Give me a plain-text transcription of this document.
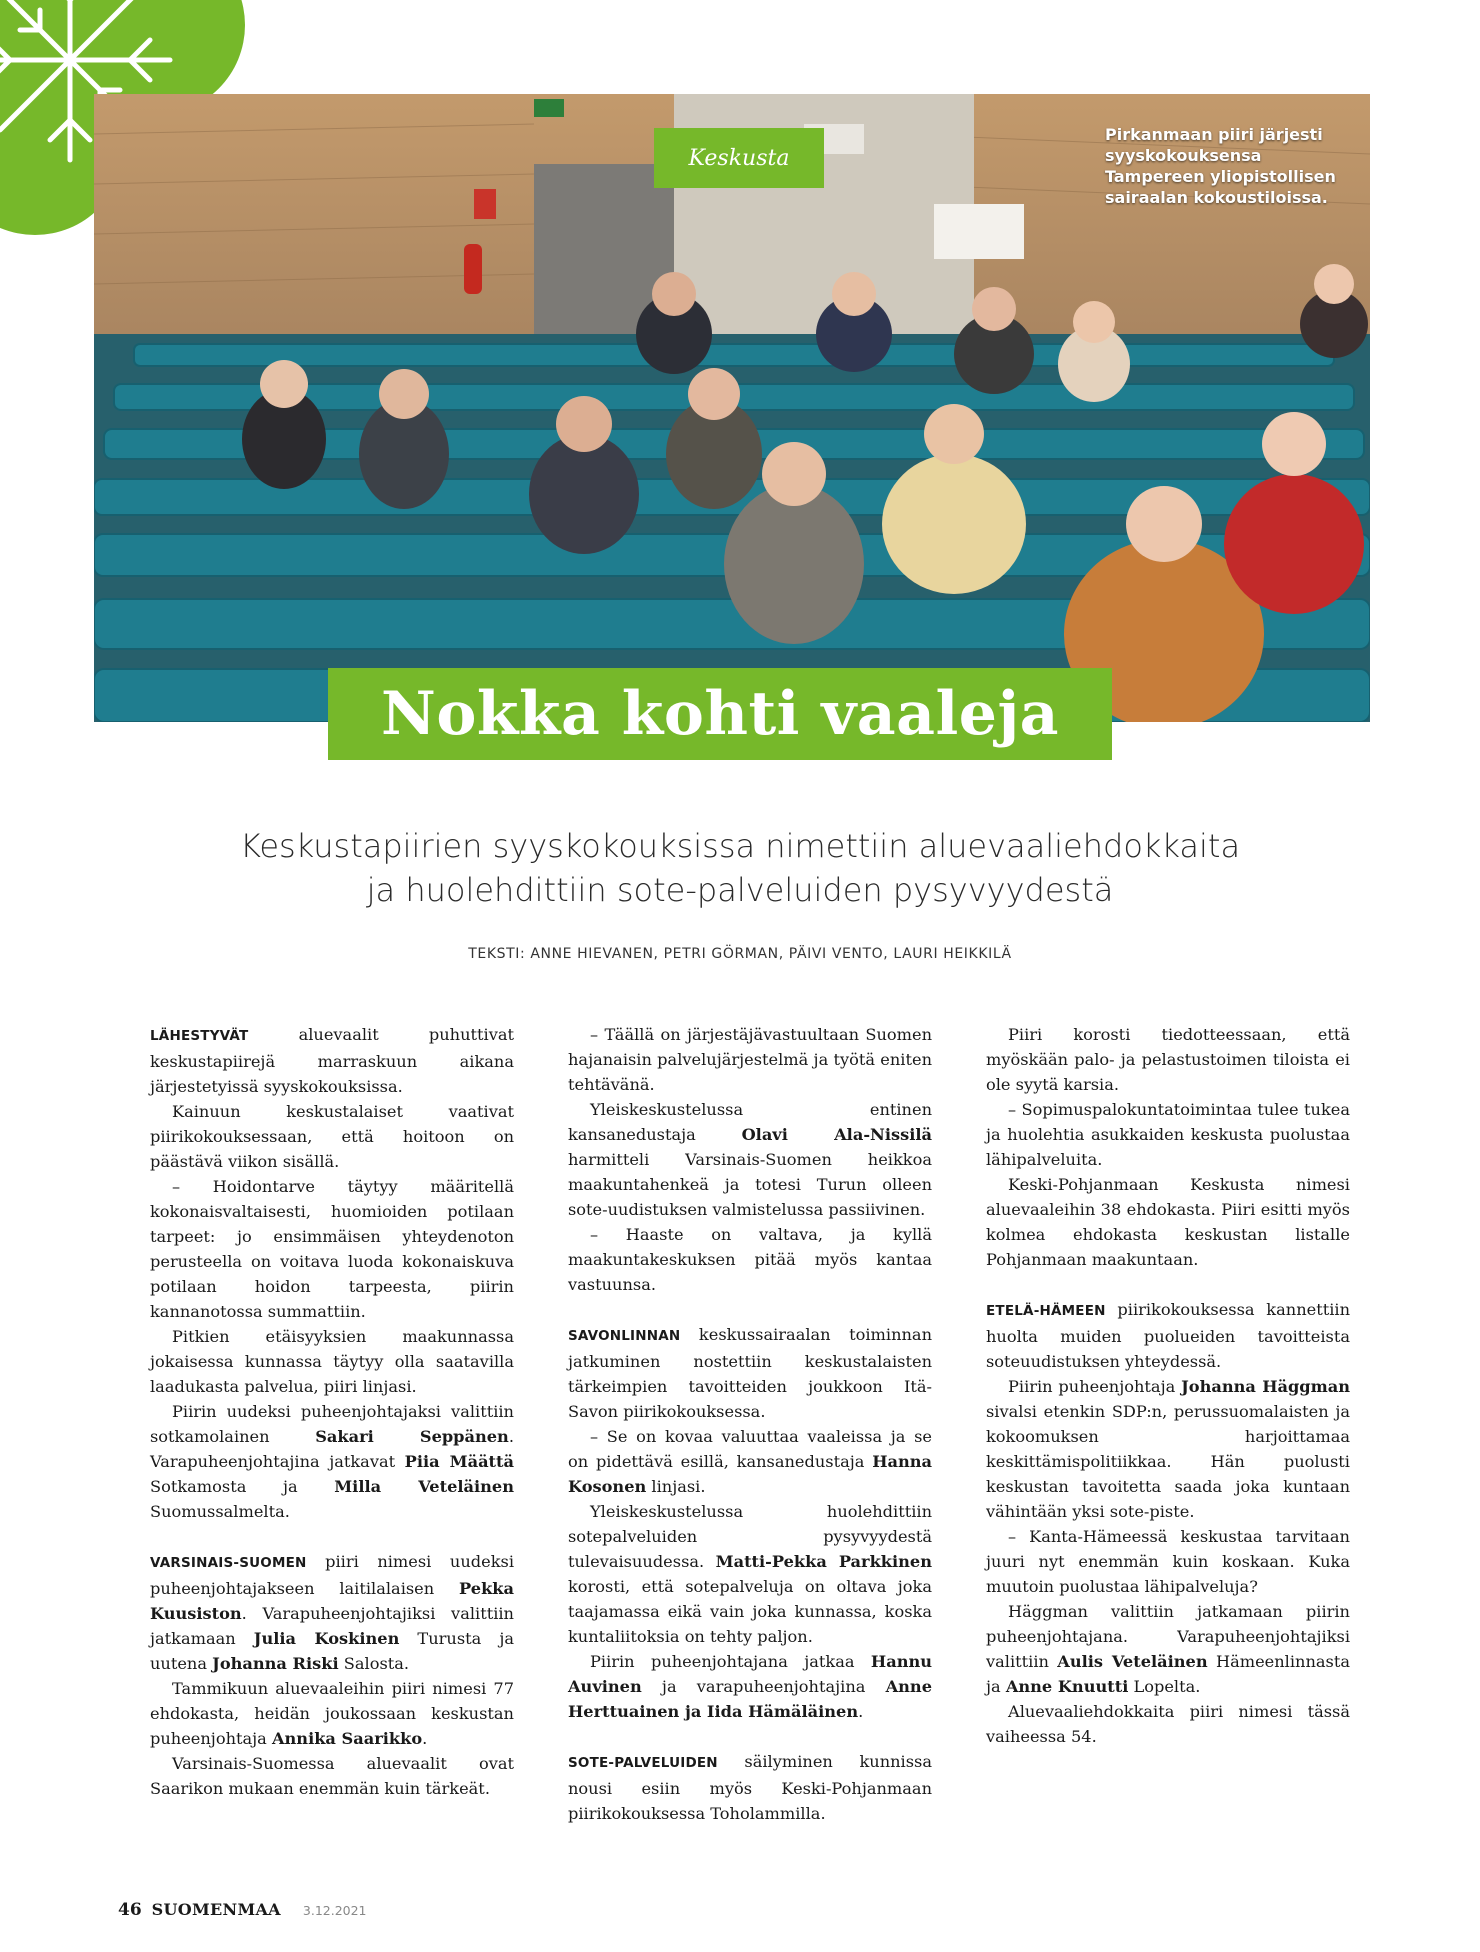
Keskusta
Pirkanmaan piiri järjesti syyskokouksensa Tampereen yliopistollisen sairaalan kokoustiloissa.
Nokka kohti vaaleja
Keskustapiirien syyskokouksissa nimettiin aluevaaliehdokkaita
ja huolehdittiin sote-palveluiden pysyvyydestä
TEKSTI: ANNE HIEVANEN, PETRI GÖRMAN, PÄIVI VENTO, LAURI HEIKKILÄ

LÄHESTYVÄT aluevaalit puhuttivat keskustapiirejä marraskuun aikana järjestetyissä syyskokouksissa.

Kainuun keskustalaiset vaativat piirikokouksessaan, että hoitoon on päästävä viikon sisällä.

– Hoidontarve täytyy määritellä kokonaisvaltaisesti, huomioiden potilaan tarpeet: jo ensimmäisen yhteydenoton perusteella on voitava luoda kokonaiskuva potilaan hoidon tarpeesta, piirin kannanotossa summattiin.

Pitkien etäisyyksien maakunnassa jokaisessa kunnassa täytyy olla saatavilla laadukasta palvelua, piiri linjasi.

Piirin uudeksi puheenjohtajaksi valittiin sotkamolainen Sakari Seppänen. Varapuheenjohtajina jatkavat Piia Määttä Sotkamosta ja Milla Veteläinen Suomussalmelta.

VARSINAIS-SUOMEN piiri nimesi uudeksi puheenjohtajakseen laitilalaisen Pekka Kuusiston. Varapuheenjohtajiksi valittiin jatkamaan Julia Koskinen Turusta ja uutena Johanna Riski Salosta.

Tammikuun aluevaaleihin piiri nimesi 77 ehdokasta, heidän joukossaan keskustan puheenjohtaja Annika Saarikko.

Varsinais-Suomessa aluevaalit ovat Saarikon mukaan enemmän kuin tärkeät.

– Täällä on järjestäjävastuultaan Suomen hajanaisin palvelujärjestelmä ja työtä eniten tehtävänä.

Yleiskeskustelussa entinen kansanedustaja Olavi Ala-Nissilä harmitteli Varsinais-Suomen heikkoa maakuntahenkeä ja totesi Turun olleen sote-uudistuksen valmistelussa passiivinen.

– Haaste on valtava, ja kyllä maakuntakeskuksen pitää myös kantaa vastuunsa.

SAVONLINNAN keskussairaalan toiminnan jatkuminen nostettiin keskustalaisten tärkeimpien tavoitteiden joukkoon Itä-Savon piirikokouksessa.

– Se on kovaa valuuttaa vaaleissa ja se on pidettävä esillä, kansanedustaja Hanna Kosonen linjasi.

Yleiskeskustelussa huolehdittiin sotepalveluiden pysyvyydestä tulevaisuudessa. Matti-Pekka Parkkinen korosti, että sotepalveluja on oltava joka taajamassa eikä vain joka kunnassa, koska kuntaliitoksia on tehty paljon.

Piirin puheenjohtajana jatkaa Hannu Auvinen ja varapuheenjohtajina Anne Herttuainen ja Iida Hämäläinen.

SOTE-PALVELUIDEN säilyminen kunnissa nousi esiin myös Keski-Pohjanmaan piirikokouksessa Toholammilla.

Piiri korosti tiedotteessaan, että myöskään palo- ja pelastustoimen tiloista ei ole syytä karsia.

– Sopimuspalokuntatoimintaa tulee tukea ja huolehtia asukkaiden keskusta puolustaa lähipalveluita.

Keski-Pohjanmaan Keskusta nimesi aluevaaleihin 38 ehdokasta. Piiri esitti myös kolmea ehdokasta keskustan listalle Pohjanmaan maakuntaan.

ETELÄ-HÄMEEN piirikokouksessa kannettiin huolta muiden puolueiden tavoitteista soteuudistuksen yhteydessä.

Piirin puheenjohtaja Johanna Häggman sivalsi etenkin SDP:n, perussuomalaisten ja kokoomuksen harjoittamaa keskittämispolitiikkaa. Hän puolusti keskustan tavoitetta saada joka kuntaan vähintään yksi sote-piste.

– Kanta-Hämeessä keskustaa tarvitaan juuri nyt enemmän kuin koskaan. Kuka muutoin puolustaa lähipalveluja?

Häggman valittiin jatkamaan piirin puheenjohtajana. Varapuheenjohtajiksi valittiin Aulis Veteläinen Hämeenlinnasta ja Anne Knuutti Lopelta.

Aluevaaliehdokkaita piiri nimesi tässä vaiheessa 54.

46 SUOMENMAA 3.12.2021
